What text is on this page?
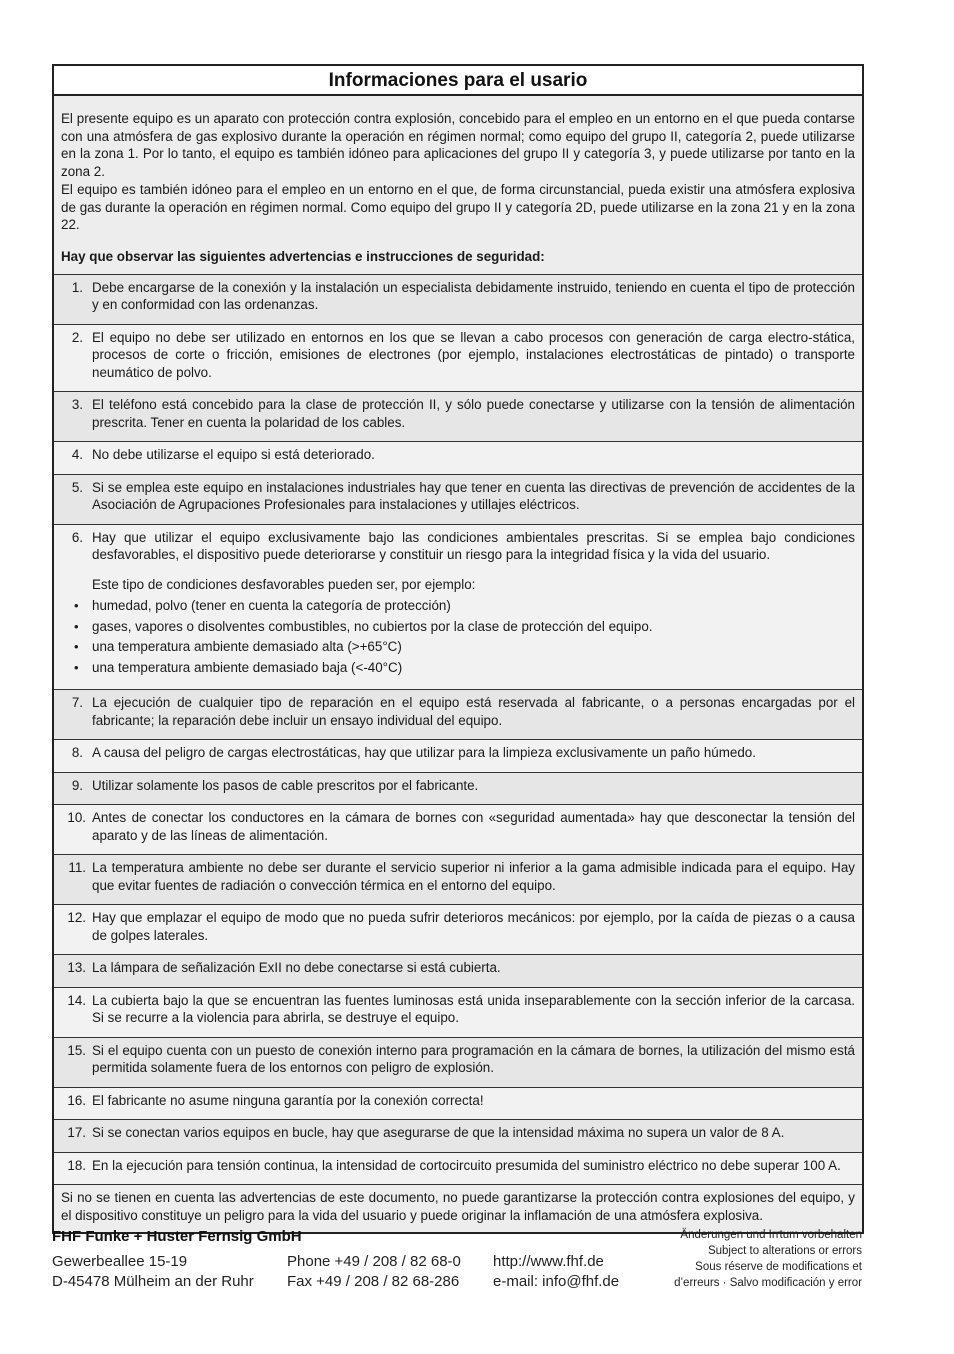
Informaciones para el usario

El presente equipo es un aparato con protección contra explosión, concebido para el empleo en un entorno en el que pueda contarse con una atmósfera de gas explosivo durante la operación en régimen normal; como equipo del grupo II, categoría 2, puede utilizarse en la zona 1. Por lo tanto, el equipo es también idóneo para aplicaciones del grupo II y categoría 3, y puede utilizarse por tanto en la zona 2.

El equipo es también idóneo para el empleo en un entorno en el que, de forma circunstancial, pueda existir una atmósfera explosiva de gas durante la operación en régimen normal. Como equipo del grupo II y categoría 2D, puede utilizarse en la zona 21 y en la zona 22.

Hay que observar las siguientes advertencias e instrucciones de seguridad:
1. Debe encargarse de la conexión y la instalación un especialista debidamente instruido, teniendo en cuenta el tipo de protección y en conformidad con las ordenanzas.
2. El equipo no debe ser utilizado en entornos en los que se llevan a cabo procesos con generación de carga electro-stática, procesos de corte o fricción, emisiones de electrones (por ejemplo, instalaciones electrostáticas de pintado) o transporte neumático de polvo.
3. El teléfono está concebido para la clase de protección II, y sólo puede conectarse y utilizarse con la tensión de alimentación prescrita. Tener en cuenta la polaridad de los cables.
4. No debe utilizarse el equipo si está deteriorado.
5. Si se emplea este equipo en instalaciones industriales hay que tener en cuenta las directivas de prevención de accidentes de la Asociación de Agrupaciones Profesionales para instalaciones y utillajes eléctricos.
6. Hay que utilizar el equipo exclusivamente bajo las condiciones ambientales prescritas. Si se emplea bajo condiciones desfavorables, el dispositivo puede deteriorarse y constituir un riesgo para la integridad física y la vida del usuario.
Este tipo de condiciones desfavorables pueden ser, por ejemplo:
• humedad, polvo (tener en cuenta la categoría de protección)
• gases, vapores o disolventes combustibles, no cubiertos por la clase de protección del equipo.
• una temperatura ambiente demasiado alta (>+65°C)
• una temperatura ambiente demasiado baja (<-40°C)
7. La ejecución de cualquier tipo de reparación en el equipo está reservada al fabricante, o a personas encargadas por el fabricante; la reparación debe incluir un ensayo individual del equipo.
8. A causa del peligro de cargas electrostáticas, hay que utilizar para la limpieza exclusivamente un paño húmedo.
9. Utilizar solamente los pasos de cable prescritos por el fabricante.
10. Antes de conectar los conductores en la cámara de bornes con «seguridad aumentada» hay que desconectar la tensión del aparato y de las líneas de alimentación.
11. La temperatura ambiente no debe ser durante el servicio superior ni inferior a la gama admisible indicada para el equipo. Hay que evitar fuentes de radiación o convección térmica en el entorno del equipo.
12. Hay que emplazar el equipo de modo que no pueda sufrir deterioros mecánicos: por ejemplo, por la caída de piezas o a causa de golpes laterales.
13. La lámpara de señalización ExII no debe conectarse si está cubierta.
14. La cubierta bajo la que se encuentran las fuentes luminosas está unida inseparablemente con la sección inferior de la carcasa. Si se recurre a la violencia para abrirla, se destruye el equipo.
15. Si el equipo cuenta con un puesto de conexión interno para programación en la cámara de bornes, la utilización del mismo está permitida solamente fuera de los entornos con peligro de explosión.
16. El fabricante no asume ninguna garantía por la conexión correcta!
17. Si se conectan varios equipos en bucle, hay que asegurarse de que la intensidad máxima no supera un valor de 8 A.
18. En la ejecución para tensión continua, la intensidad de cortocircuito presumida del suministro eléctrico no debe superar 100 A.
Si no se tienen en cuenta las advertencias de este documento, no puede garantizarse la protección contra explosiones del equipo, y el dispositivo constituye un peligro para la vida del usuario y puede originar la inflamación de una atmósfera explosiva.
FHF Funke + Huster Fernsig GmbH
Gewerbeallee 15-19
D-45478 Mülheim an der Ruhr
Phone +49 / 208 / 82 68-0
Fax +49 / 208 / 82 68-286
http://www.fhf.de
e-mail: info@fhf.de
Änderungen und Irrtum vorbehalten
Subject to alterations or errors
Sous réserve de modifications et
d’erreurs · Salvo modificación y error
